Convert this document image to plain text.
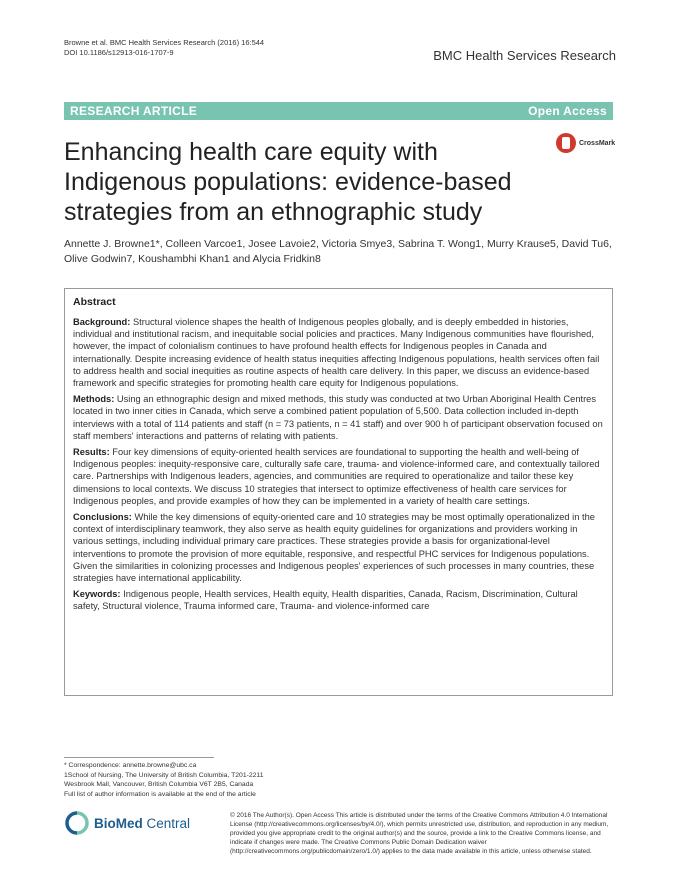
Browne et al. BMC Health Services Research (2016) 16:544
DOI 10.1186/s12913-016-1707-9	BMC Health Services Research
RESEARCH ARTICLE	Open Access
CrossMark
Enhancing health care equity with Indigenous populations: evidence-based strategies from an ethnographic study
Annette J. Browne1*, Colleen Varcoe1, Josee Lavoie2, Victoria Smye3, Sabrina T. Wong1, Murry Krause5, David Tu6, Olive Godwin7, Koushambhi Khan1 and Alycia Fridkin8
Abstract

Background: Structural violence shapes the health of Indigenous peoples globally, and is deeply embedded in histories, individual and institutional racism, and inequitable social policies and practices. Many Indigenous communities have flourished, however, the impact of colonialism continues to have profound health effects for Indigenous peoples in Canada and internationally. Despite increasing evidence of health status inequities affecting Indigenous populations, health services often fail to address health and social inequities as routine aspects of health care delivery. In this paper, we discuss an evidence-based framework and specific strategies for promoting health care equity for Indigenous populations.

Methods: Using an ethnographic design and mixed methods, this study was conducted at two Urban Aboriginal Health Centres located in two inner cities in Canada, which serve a combined patient population of 5,500. Data collection included in-depth interviews with a total of 114 patients and staff (n = 73 patients, n = 41 staff) and over 900 h of participant observation focused on staff members' interactions and patterns of relating with patients.

Results: Four key dimensions of equity-oriented health services are foundational to supporting the health and well-being of Indigenous peoples: inequity-responsive care, culturally safe care, trauma- and violence-informed care, and contextually tailored care. Partnerships with Indigenous leaders, agencies, and communities are required to operationalize and tailor these key dimensions to local contexts. We discuss 10 strategies that intersect to optimize effectiveness of health care services for Indigenous peoples, and provide examples of how they can be implemented in a variety of health care settings.

Conclusions: While the key dimensions of equity-oriented care and 10 strategies may be most optimally operationalized in the context of interdisciplinary teamwork, they also serve as health equity guidelines for organizations and providers working in various settings, including individual primary care practices. These strategies provide a basis for organizational-level interventions to promote the provision of more equitable, responsive, and respectful PHC services for Indigenous populations. Given the similarities in colonizing processes and Indigenous peoples' experiences of such processes in many countries, these strategies have international applicability.

Keywords: Indigenous people, Health services, Health equity, Health disparities, Canada, Racism, Discrimination, Cultural safety, Structural violence, Trauma informed care, Trauma- and violence-informed care

* Correspondence: annette.browne@ubc.ca
1School of Nursing, The University of British Columbia, T201-2211
Wesbrook Mall, Vancouver, British Columbia V6T 2B5, Canada
Full list of author information is available at the end of the article
BioMed Central	© 2016 The Author(s). Open Access This article is distributed under the terms of the Creative Commons Attribution 4.0 International License (http://creativecommons.org/licenses/by/4.0/), which permits unrestricted use, distribution, and reproduction in any medium, provided you give appropriate credit to the original author(s) and the source, provide a link to the Creative Commons license, and indicate if changes were made. The Creative Commons Public Domain Dedication waiver (http://creativecommons.org/publicdomain/zero/1.0/) applies to the data made available in this article, unless otherwise stated.
